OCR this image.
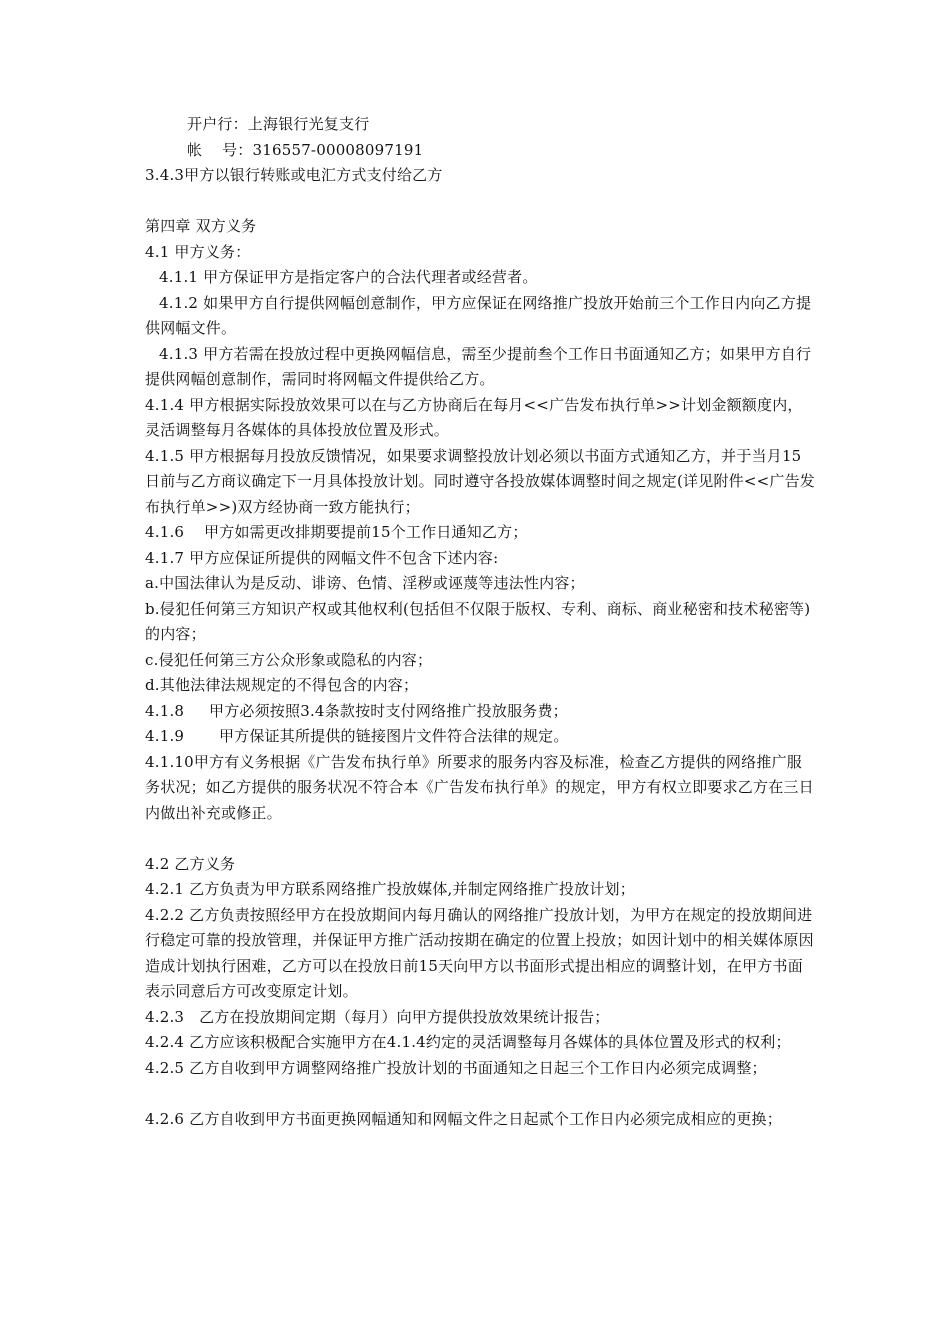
开户行：上海银行光复支行

帐    号：316557-00008097191

3.4.3甲方以银行转账或电汇方式支付给乙方

第四章 双方义务

4.1 甲方义务：

4.1.1 甲方保证甲方是指定客户的合法代理者或经营者。

4.1.2 如果甲方自行提供网幅创意制作，甲方应保证在网络推广投放开始前三个工作日内向乙方提供网幅文件。

4.1.3 甲方若需在投放过程中更换网幅信息，需至少提前叁个工作日书面通知乙方；如果甲方自行提供网幅创意制作，需同时将网幅文件提供给乙方。

4.1.4 甲方根据实际投放效果可以在与乙方协商后在每月<<广告发布执行单>>计划金额额度内，灵活调整每月各媒体的具体投放位置及形式。

4.1.5 甲方根据每月投放反馈情况，如果要求调整投放计划必须以书面方式通知乙方，并于当月15日前与乙方商议确定下一月具体投放计划。同时遵守各投放媒体调整时间之规定(详见附件<<广告发布执行单>>)双方经协商一致方能执行；

4.1.6    甲方如需更改排期要提前15个工作日通知乙方；

4.1.7 甲方应保证所提供的网幅文件不包含下述内容:

a.中国法律认为是反动、诽谤、色情、淫秽或诬蔑等违法性内容；

b.侵犯任何第三方知识产权或其他权利(包括但不仅限于版权、专利、商标、商业秘密和技术秘密等)的内容；

c.侵犯任何第三方公众形象或隐私的内容；

d.其他法律法规规定的不得包含的内容；

4.1.8     甲方必须按照3.4条款按时支付网络推广投放服务费；

4.1.9       甲方保证其所提供的链接图片文件符合法律的规定。

4.1.10甲方有义务根据《广告发布执行单》所要求的服务内容及标准，检查乙方提供的网络推广服务状况；如乙方提供的服务状况不符合本《广告发布执行单》的规定，甲方有权立即要求乙方在三日内做出补充或修正。

4.2 乙方义务

4.2.1 乙方负责为甲方联系网络推广投放媒体,并制定网络推广投放计划；

4.2.2 乙方负责按照经甲方在投放期间内每月确认的网络推广投放计划，为甲方在规定的投放期间进行稳定可靠的投放管理，并保证甲方推广活动按期在确定的位置上投放；如因计划中的相关媒体原因造成计划执行困难，乙方可以在投放日前15天向甲方以书面形式提出相应的调整计划，在甲方书面表示同意后方可改变原定计划。

4.2.3   乙方在投放期间定期（每月）向甲方提供投放效果统计报告；

4.2.4 乙方应该积极配合实施甲方在4.1.4约定的灵活调整每月各媒体的具体位置及形式的权利；

4.2.5 乙方自收到甲方调整网络推广投放计划的书面通知之日起三个工作日内必须完成调整；

4.2.6 乙方自收到甲方书面更换网幅通知和网幅文件之日起贰个工作日内必须完成相应的更换；
